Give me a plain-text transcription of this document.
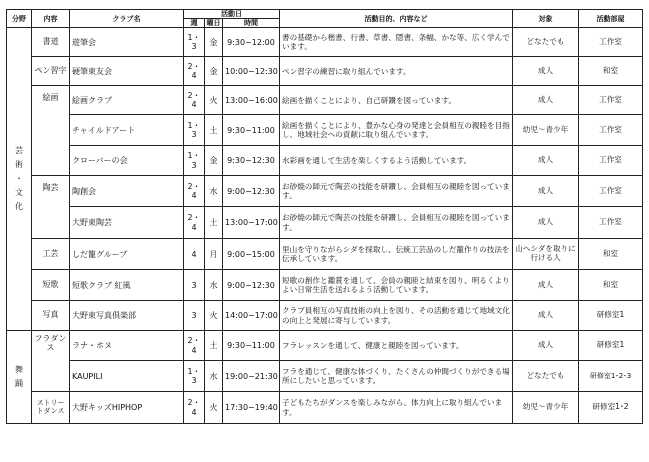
分野	内容	クラブ名	活動日			活動目的、内容など	対象	活動部屋
			週	曜日	時間			

芸
術
・
文
化	書道	遊筆会	1・3	金	9:30−12:00	書の基礎から楷書、行書、草書、隠書、条幅、かな等、広く学んでいます。	どなたでも	工作室
	ペン習字	硬筆東友会	2・4	金	10:00−12:30	ペン習字の練習に取り組んでいます。	成人	和室
	絵画	絵画クラブ	2・4	火	13:00−16:00	絵画を描くことにより、自己研鑽を図っています。	成人	工作室
		チャイルドアート	1・3	土	9:30−11:00	絵画を描くことにより、豊かな心身の発達と会員相互の親睦を目指し、地域社会への貢献に取り組んでいます。	幼児〜青少年	工作室
		クローバーの会	1・3	金	9:30−12:30	水彩画を通して生活を楽しくするよう活動しています。	成人	工作室
	陶芸	陶創会	2・4	水	9:00−12:30	お砂焼の師元で陶芸の技能を研鑽し、会員相互の親睦を図っています。	成人	工作室
		大野東陶芸	2・4	土	13:00−17:00	お砂焼の師元で陶芸の技能を研鑽し、会員相互の親睦を図っています。	成人	工作室
	工芸	しだ籠グループ	4	月	9:00−15:00	里山を守りながらシダを採取し、伝統工芸品のしだ籠作りの技法を伝承しています。	山へシダを取りに行ける人	和室
	短歌	短歌クラブ 紅風	3	水	9:00−12:30	短歌の創作と鑑賞を通して、会員の親睦と結束を図り、明るくよりよい日常生活を送れるよう活動しています。	成人	和室
	写真	大野東写真倶楽部	3	火	14:00−17:00	クラブ員相互の写真技術の向上を図り、その活動を通じて地域文化の向上と発展に寄与しています。	成人	研修室1

舞
踊	フラダンス	ラナ・ホヌ	2・4	土	9:30−11:00	フラレッスンを通して、健康と親睦を図っています。	成人	研修室1
		KAUPILI	1・3	水	19:00−21:30	フラを通じて、健康な体づくり、たくさんの仲間づくりができる場所にしたいと思っています。	どなたでも	研修室1･2･3
	ストリートダンス	大野キッズHIPHOP	2・4	火	17:30−19:40	子どもたちがダンスを楽しみながら、体力向上に取り組んでいます。	幼児〜青少年	研修室1･2
